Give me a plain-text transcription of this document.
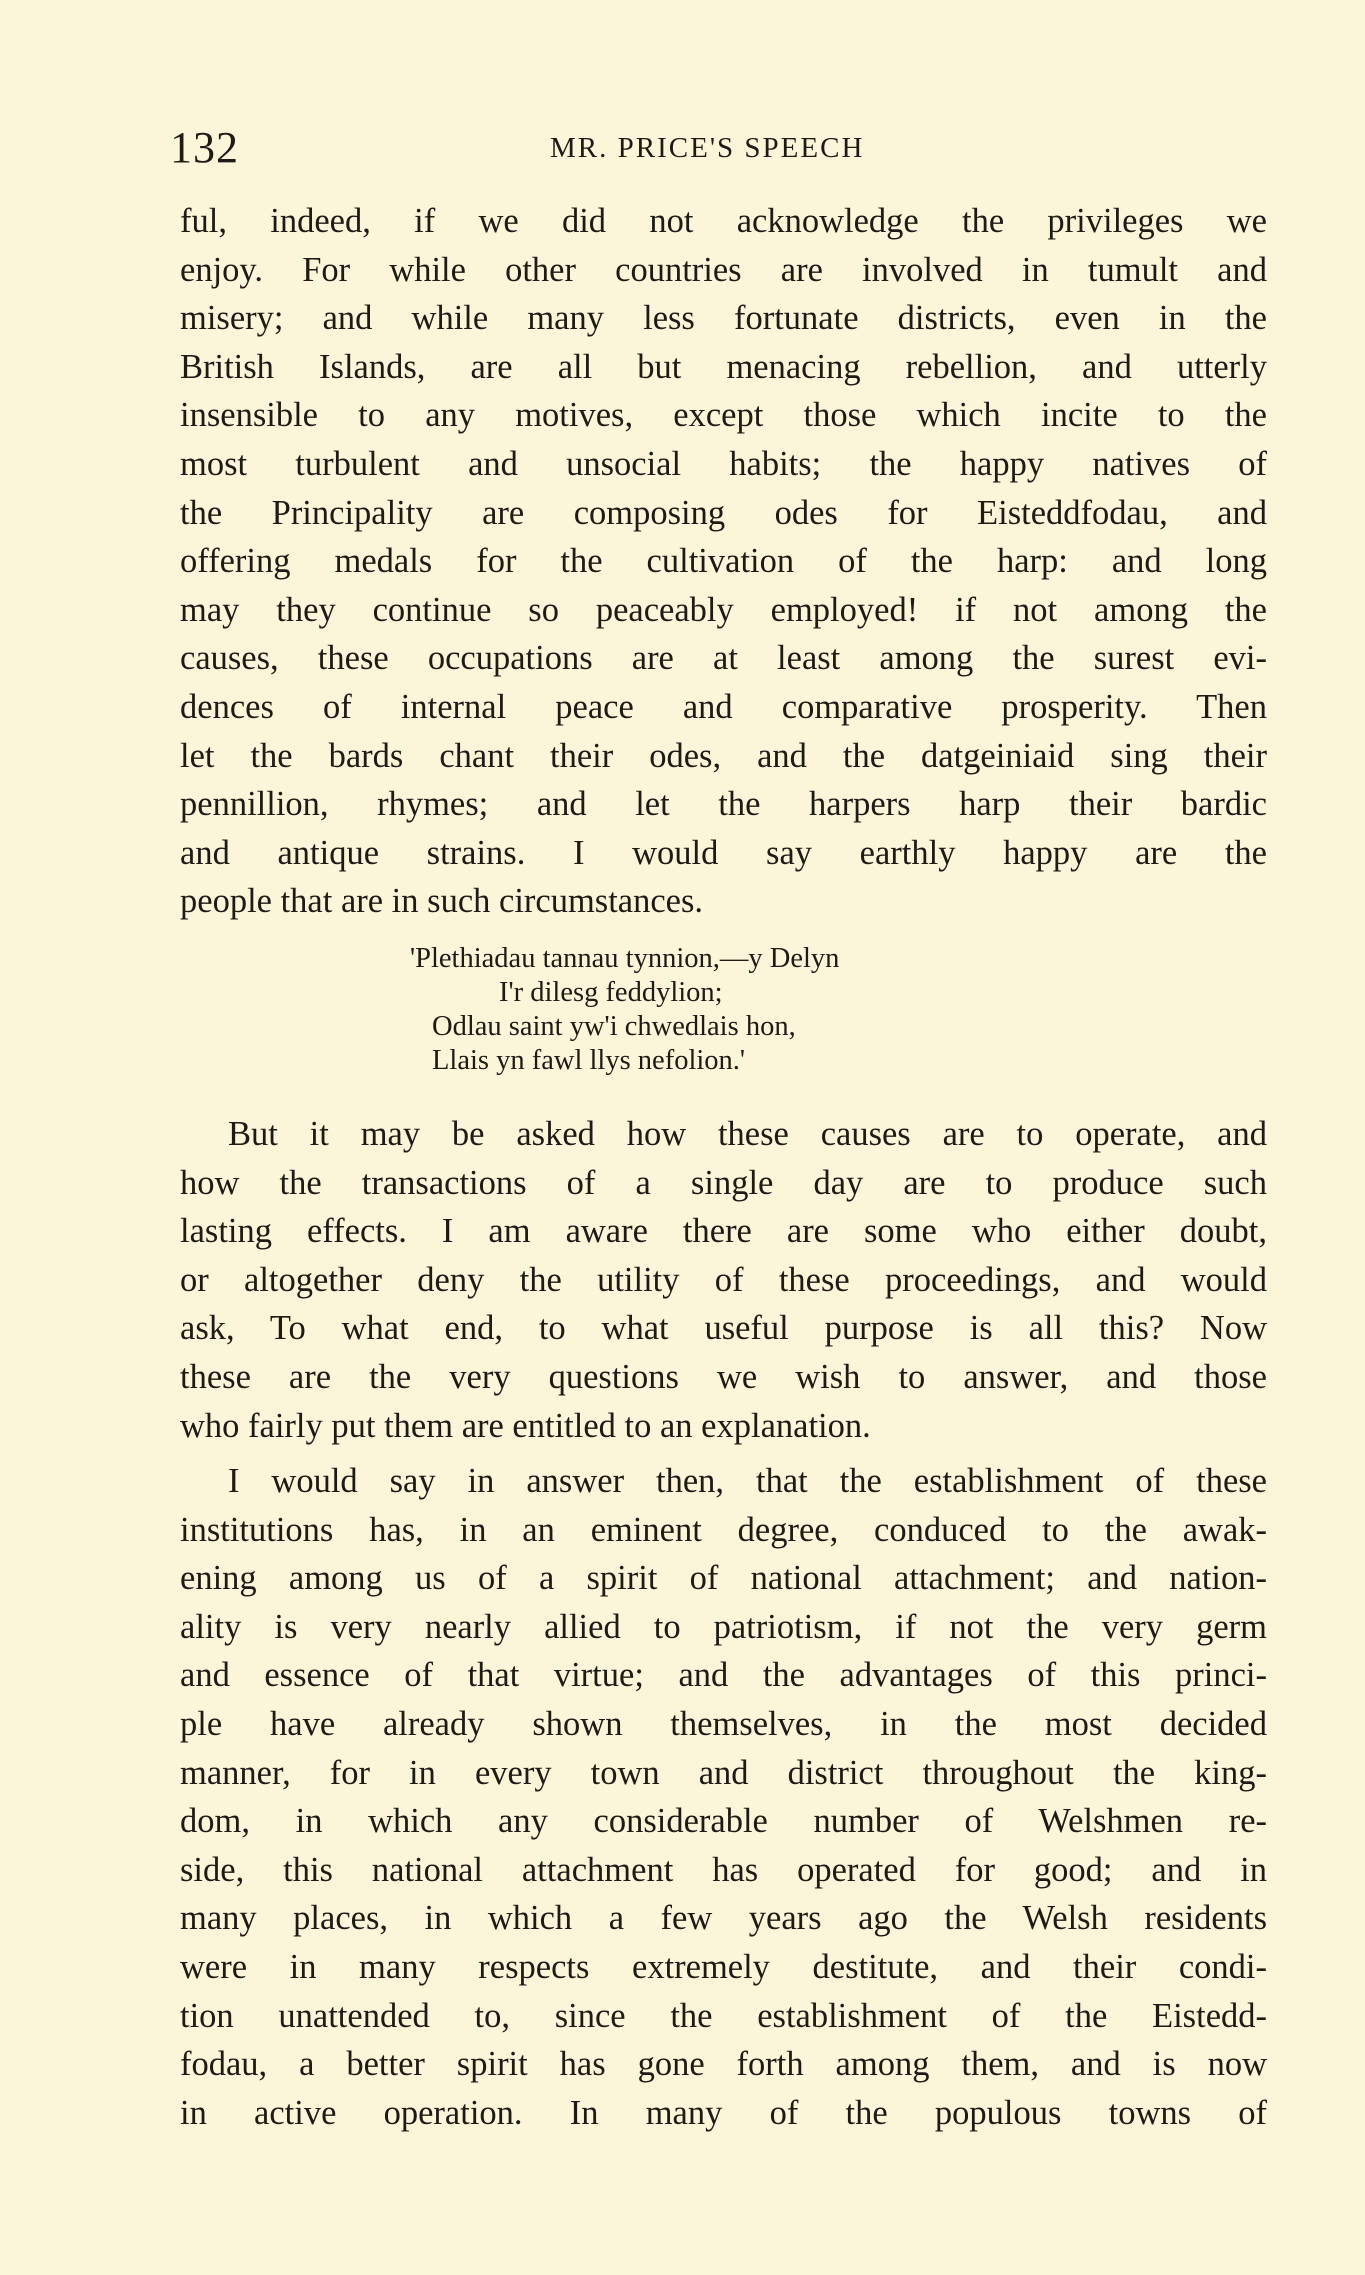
132	MR. PRICE'S SPEECH
ful, indeed, if we did not acknowledge the privileges we
enjoy. For while other countries are involved in tumult and
misery; and while many less fortunate districts, even in the
British Islands, are all but menacing rebellion, and utterly
insensible to any motives, except those which incite to the
most turbulent and unsocial habits; the happy natives of
the Principality are composing odes for Eisteddfodau, and
offering medals for the cultivation of the harp: and long
may they continue so peaceably employed! if not among the
causes, these occupations are at least among the surest evi-
dences of internal peace and comparative prosperity. Then
let the bards chant their odes, and the datgeiniaid sing their
pennillion, rhymes; and let the harpers harp their bardic
and antique strains. I would say earthly happy are the
people that are in such circumstances.
'Plethiadau tannau tynnion,—y Delyn
I'r dilesg feddylion;
Odlau saint yw'i chwedlais hon,
Llais yn fawl llys nefolion.'
But it may be asked how these causes are to operate, and
how the transactions of a single day are to produce such
lasting effects. I am aware there are some who either doubt,
or altogether deny the utility of these proceedings, and would
ask, To what end, to what useful purpose is all this? Now
these are the very questions we wish to answer, and those
who fairly put them are entitled to an explanation.
I would say in answer then, that the establishment of these
institutions has, in an eminent degree, conduced to the awak-
ening among us of a spirit of national attachment; and nation-
ality is very nearly allied to patriotism, if not the very germ
and essence of that virtue; and the advantages of this princi-
ple have already shown themselves, in the most decided
manner, for in every town and district throughout the king-
dom, in which any considerable number of Welshmen re-
side, this national attachment has operated for good; and in
many places, in which a few years ago the Welsh residents
were in many respects extremely destitute, and their condi-
tion unattended to, since the establishment of the Eistedd-
fodau, a better spirit has gone forth among them, and is now
in active operation. In many of the populous towns of
